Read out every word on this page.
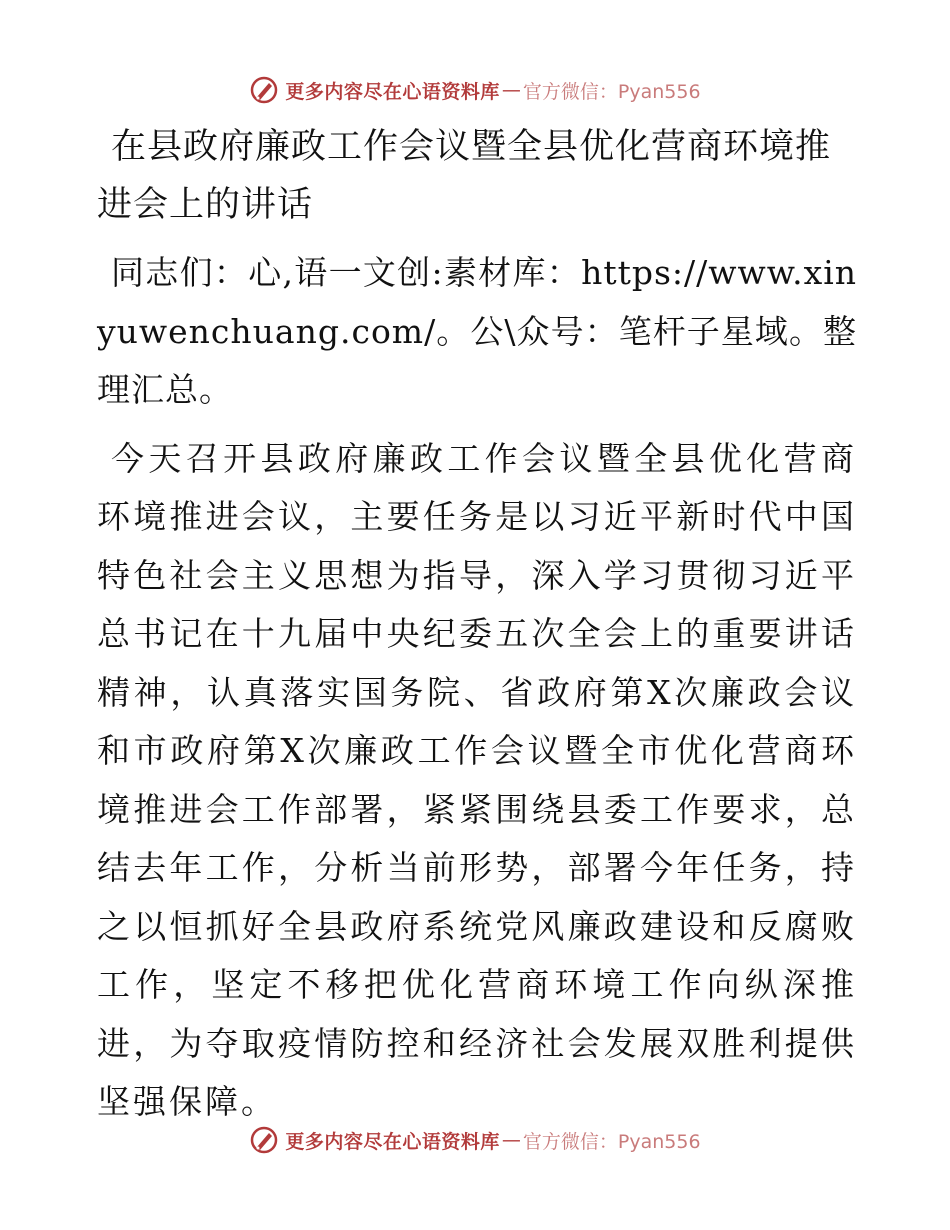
更多内容尽在心语资料库 — 官方微信：Pyan556

在县政府廉政工作会议暨全县优化营商环境推进会上的讲话

同志们：心,语一文创:素材库：https://www.xinyuwenchuang.com/。公\众号：笔杆子星域。整理汇总。

今天召开县政府廉政工作会议暨全县优化营商环境推进会议，主要任务是以习近平新时代中国特色社会主义思想为指导，深入学习贯彻习近平总书记在十九届中央纪委五次全会上的重要讲话精神，认真落实国务院、省政府第X次廉政会议和市政府第X次廉政工作会议暨全市优化营商环境推进会工作部署，紧紧围绕县委工作要求，总结去年工作，分析当前形势，部署今年任务，持之以恒抓好全县政府系统党风廉政建设和反腐败工作，坚定不移把优化营商环境工作向纵深推进，为夺取疫情防控和经济社会发展双胜利提供坚强保障。

更多内容尽在心语资料库 — 官方微信：Pyan556
